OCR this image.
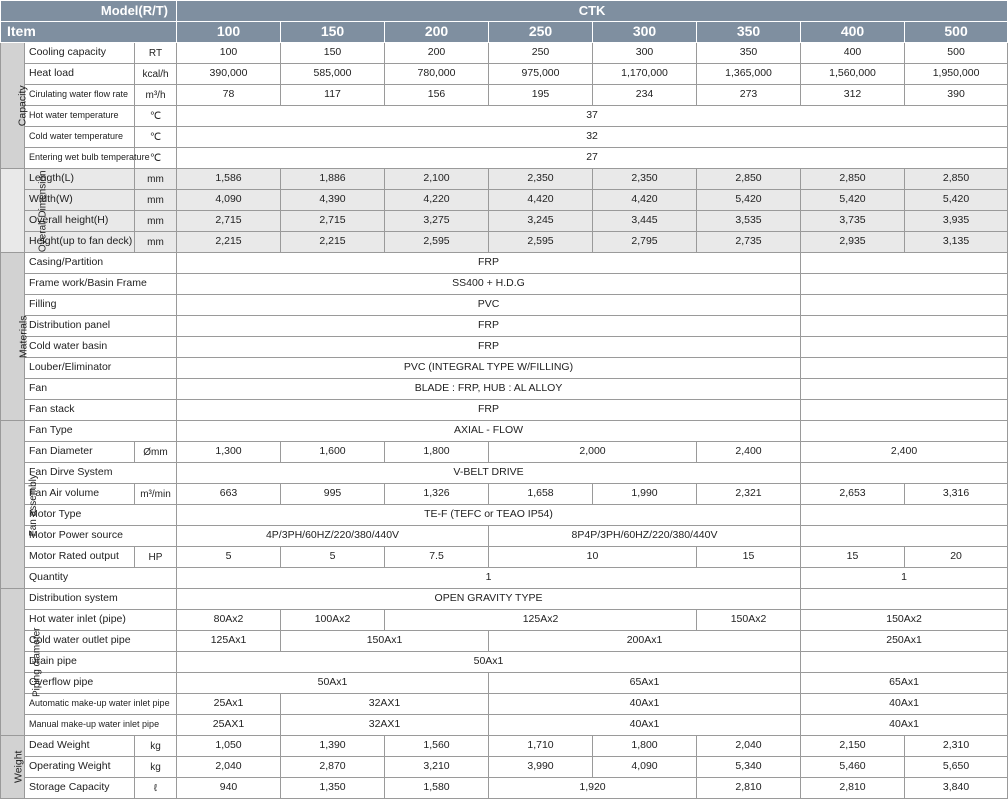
Model(R/T)			CTK							
Item			100	150	200	250	300	350	400	500
Capacity	Cooling capacity	RT	100	150	200	250	300	350	400	500
	Heat load	kcal/h	390,000	585,000	780,000	975,000	1,170,000	1,365,000	1,560,000	1,950,000
	Cirulating water flow rate	m³/h	78	117	156	195	234	273	312	390
	Hot water temperature	℃	37							
	Cold water temperature	℃	32							
	Entering wet bulb temperature	℃	27							
Overall Dimension	Length(L)	mm	1,586	1,886	2,100	2,350	2,350	2,850	2,850	2,850
	Width(W)	mm	4,090	4,390	4,220	4,420	4,420	5,420	5,420	5,420
	Overall height(H)	mm	2,715	2,715	3,275	3,245	3,445	3,535	3,735	3,935
	Height(up to fan deck)	mm	2,215	2,215	2,595	2,595	2,795	2,735	2,935	3,135
Materials	Casing/Partition		FRP							
	Frame work/Basin Frame		SS400 + H.D.G							
	Filling		PVC							
	Distribution panel		FRP							
	Cold water basin		FRP							
	Louber/Eliminator		PVC (INTEGRAL TYPE W/FILLING)							
	Fan		BLADE : FRP, HUB : AL ALLOY							
	Fan stack		FRP							
Fan assembly	Fan Type		AXIAL - FLOW							
	Fan Diameter	Ømm	1,300	1,600	1,800	2,000		2,400	2,400	
	Fan Dirve System		V-BELT DRIVE							
	Fan Air volume	m³/min	663	995	1,326	1,658	1,990	2,321	2,653	3,316
	Motor Type		TE-F (TEFC or TEAO IP54)							
	Motor Power source		4P/3PH/60HZ/220/380/440V			8P4P/3PH/60HZ/220/380/440V				
	Motor Rated output	HP	5	5	7.5	10		15	15	20
	Quantity		1						1	
Piping diameter	Distribution system		OPEN GRAVITY TYPE							
	Hot water inlet (pipe)		80Ax2	100Ax2	125Ax2			150Ax2	150Ax2	
	Cold water outlet pipe		125Ax1	150Ax1		200Ax1			250Ax1	
	Drain pipe		50Ax1							
	Overflow pipe		50Ax1			65Ax1			65Ax1	
	Automatic make-up water inlet pipe		25Ax1	32AX1		40Ax1			40Ax1	
	Manual make-up water inlet pipe		25AX1	32AX1		40Ax1			40Ax1	
Weight	Dead Weight	kg	1,050	1,390	1,560	1,710	1,800	2,040	2,150	2,310
	Operating Weight	kg	2,040	2,870	3,210	3,990	4,090	5,340	5,460	5,650
	Storage Capacity	ℓ	940	1,350	1,580	1,920		2,810	2,810	3,840
